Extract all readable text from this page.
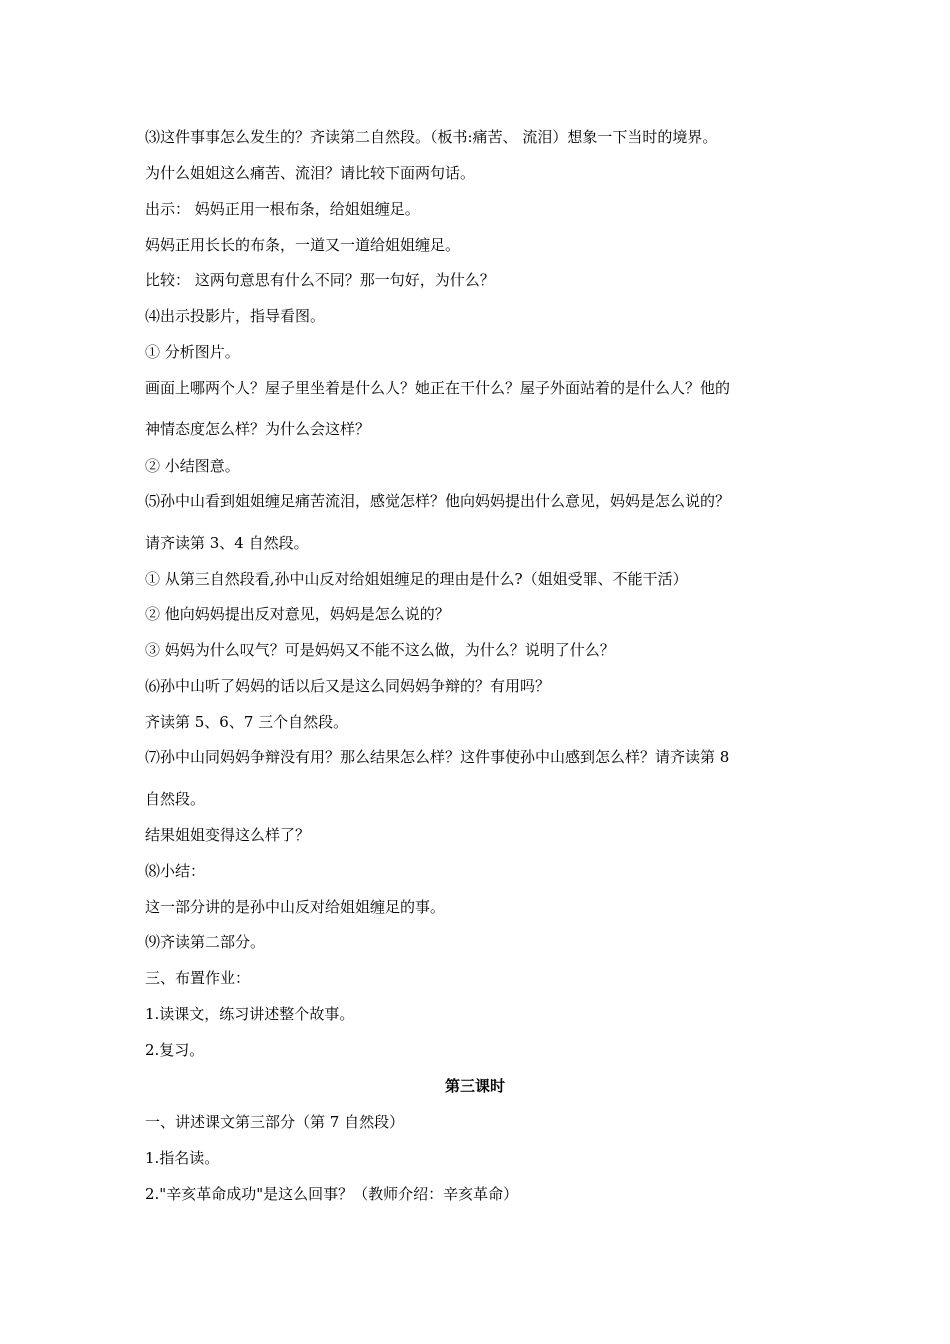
⑶这件事事怎么发生的？齐读第二自然段。（板书:痛苦、 流泪）想象一下当时的境界。
为什么姐姐这么痛苦、流泪？请比较下面两句话。
出示： 妈妈正用一根布条，给姐姐缠足。
妈妈正用长长的布条，一道又一道给姐姐缠足。
比较： 这两句意思有什么不同？那一句好，为什么？
⑷出示投影片，指导看图。
① 分析图片。
画面上哪两个人？屋子里坐着是什么人？她正在干什么？屋子外面站着的是什么人？他的
神情态度怎么样？为什么会这样？
② 小结图意。
⑸孙中山看到姐姐缠足痛苦流泪，感觉怎样？他向妈妈提出什么意见，妈妈是怎么说的？
请齐读第 3、4 自然段。
① 从第三自然段看,孙中山反对给姐姐缠足的理由是什么?（姐姐受罪、不能干活）
② 他向妈妈提出反对意见，妈妈是怎么说的？
③ 妈妈为什么叹气？可是妈妈又不能不这么做，为什么？说明了什么？
⑹孙中山听了妈妈的话以后又是这么同妈妈争辩的？有用吗？
齐读第 5、6、7 三个自然段。
⑺孙中山同妈妈争辩没有用？那么结果怎么样？这件事使孙中山感到怎么样？请齐读第 8
自然段。
结果姐姐变得这么样了？
⑻小结：
这一部分讲的是孙中山反对给姐姐缠足的事。
⑼齐读第二部分。
三、布置作业：
1.读课文，练习讲述整个故事。
2.复习。
第三课时
一、讲述课文第三部分（第 7 自然段）
1.指名读。
2."辛亥革命成功"是这么回事？（教师介绍：辛亥革命）
